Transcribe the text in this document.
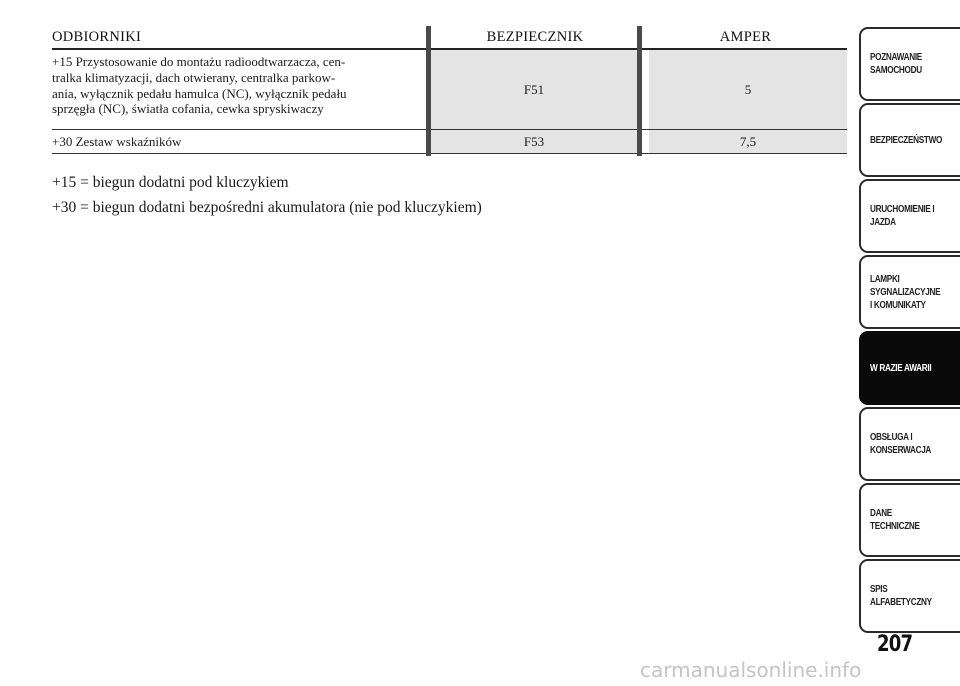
ODBIORNIKI	BEZPIECZNIK	AMPER
+15 Przystosowanie do montażu radioodtwarzacza, cen-
tralka klimatyzacji, dach otwierany, centralka parkow-
ania, wyłącznik pedału hamulca (NC), wyłącznik pedału
sprzęgła (NC), światła cofania, cewka spryskiwaczy
F51	5
+30 Zestaw wskaźników	F53	7,5

+15 = biegun dodatni pod kluczykiem

+30 = biegun dodatni bezpośredni akumulatora (nie pod kluczykiem)

POZNAWANIE
SAMOCHODU
BEZPIECZEŃSTWO
URUCHOMIENIE I
JAZDA
LAMPKI
SYGNALIZACYJNE
I KOMUNIKATY
W RAZIE AWARII
OBSŁUGA I
KONSERWACJA
DANE
TECHNICZNE
SPIS
ALFABETYCZNY
207
carmanualsonline.info
